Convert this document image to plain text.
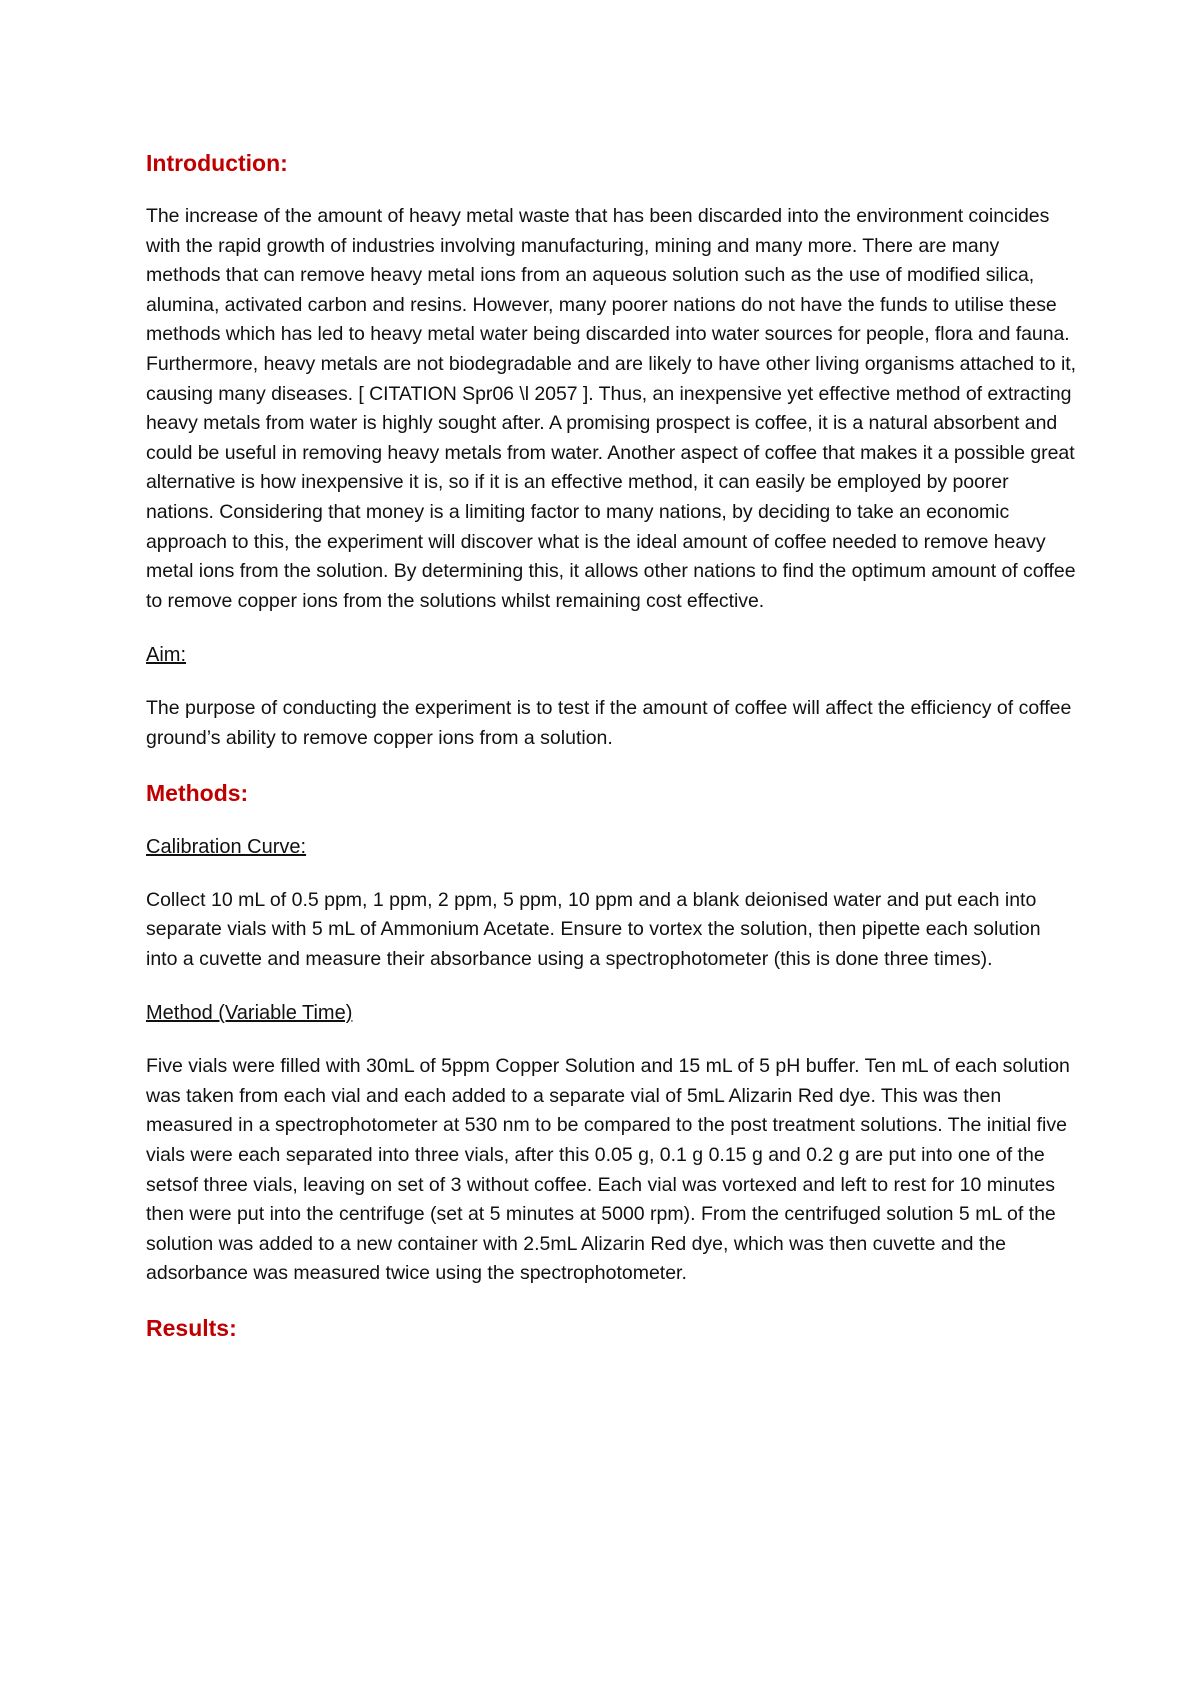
Introduction:

The increase of the amount of heavy metal waste that has been discarded into the environment coincides with the rapid growth of industries involving manufacturing, mining and many more. There are many methods that can remove heavy metal ions from an aqueous solution such as the use of modified silica, alumina, activated carbon and resins. However, many poorer nations do not have the funds to utilise these methods which has led to heavy metal water being discarded into water sources for people, flora and fauna. Furthermore, heavy metals are not biodegradable and are likely to have other living organisms attached to it, causing many diseases. [ CITATION Spr06 \l 2057 ]. Thus, an inexpensive yet effective method of extracting heavy metals from water is highly sought after. A promising prospect is coffee, it is a natural absorbent and could be useful in removing heavy metals from water. Another aspect of coffee that makes it a possible great alternative is how inexpensive it is, so if it is an effective method, it can easily be employed by poorer nations. Considering that money is a limiting factor to many nations, by deciding to take an economic approach to this, the experiment will discover what is the ideal amount of coffee needed to remove heavy metal ions from the solution. By determining this, it allows other nations to find the optimum amount of coffee to remove copper ions from the solutions whilst remaining cost effective.

Aim:

The purpose of conducting the experiment is to test if the amount of coffee will affect the efficiency of coffee ground’s ability to remove copper ions from a solution.

Methods:
Calibration Curve:

Collect 10 mL of 0.5 ppm, 1 ppm, 2 ppm, 5 ppm, 10 ppm and a blank deionised water and put each into separate vials with 5 mL of Ammonium Acetate. Ensure to vortex the solution, then pipette each solution into a cuvette and measure their absorbance using a spectrophotometer (this is done three times).

Method (Variable Time)

Five vials were filled with 30mL of 5ppm Copper Solution and 15 mL of 5 pH buffer. Ten mL of each solution was taken from each vial and each added to a separate vial of 5mL Alizarin Red dye. This was then measured in a spectrophotometer at 530 nm to be compared to the post treatment solutions. The initial five vials were each separated into three vials, after this 0.05 g, 0.1 g 0.15 g and 0.2 g are put into one of the setsof three vials, leaving on set of 3 without coffee. Each vial was vortexed and left to rest for 10 minutes then were put into the centrifuge (set at 5 minutes at 5000 rpm). From the centrifuged solution 5 mL of the solution was added to a new container with 2.5mL Alizarin Red dye, which was then cuvette and the adsorbance was measured twice using the spectrophotometer.

Results:
